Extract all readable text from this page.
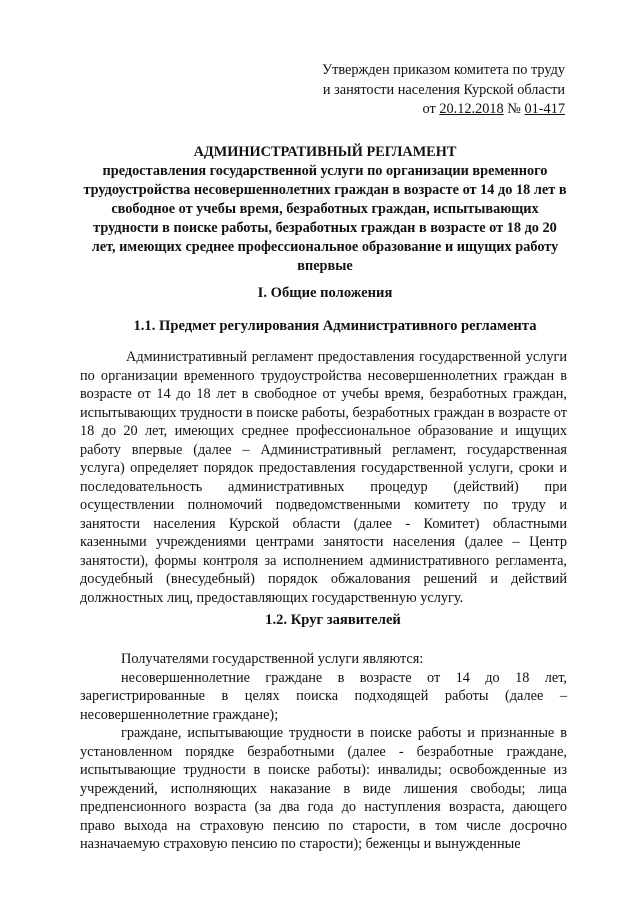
Утвержден приказом комитета по труду
и занятости населения Курской области
от 20.12.2018 № 01-417
АДМИНИСТРАТИВНЫЙ РЕГЛАМЕНТ
предоставления государственной услуги по организации временного трудоустройства несовершеннолетних граждан в возрасте от 14 до 18 лет в свободное от учебы время, безработных граждан, испытывающих трудности в поиске работы, безработных граждан в возрасте от 18 до 20 лет, имеющих среднее профессиональное образование и ищущих работу впервые
I. Общие положения
1.1. Предмет регулирования Административного регламента

Административный регламент предоставления государственной услуги по организации временного трудоустройства несовершеннолетних граждан в возрасте от 14 до 18 лет в свободное от учебы время, безработных граждан, испытывающих трудности в поиске работы, безработных граждан в возрасте от 18 до 20 лет, имеющих среднее профессиональное образование и ищущих работу впервые (далее – Административный регламент, государственная услуга) определяет порядок предоставления государственной услуги, сроки и последовательность административных процедур (действий) при осуществлении полномочий подведомственными комитету по труду и занятости населения Курской области (далее - Комитет) областными казенными учреждениями центрами занятости населения (далее – Центр занятости), формы контроля за исполнением административного регламента, досудебный (внесудебный) порядок обжалования решений и действий должностных лиц, предоставляющих государственную услугу.

1.2. Круг заявителей

Получателями государственной услуги являются:

несовершеннолетние граждане в возрасте от 14 до 18 лет, зарегистрированные в целях поиска подходящей работы (далее – несовершеннолетние граждане);

граждане, испытывающие трудности в поиске работы и признанные в установленном порядке безработными (далее - безработные граждане, испытывающие трудности в поиске работы): инвалиды; освобожденные из учреждений, исполняющих наказание в виде лишения свободы; лица предпенсионного возраста (за два года до наступления возраста, дающего право выхода на страховую пенсию по старости, в том числе досрочно назначаемую страховую пенсию по старости); беженцы и вынужденные
